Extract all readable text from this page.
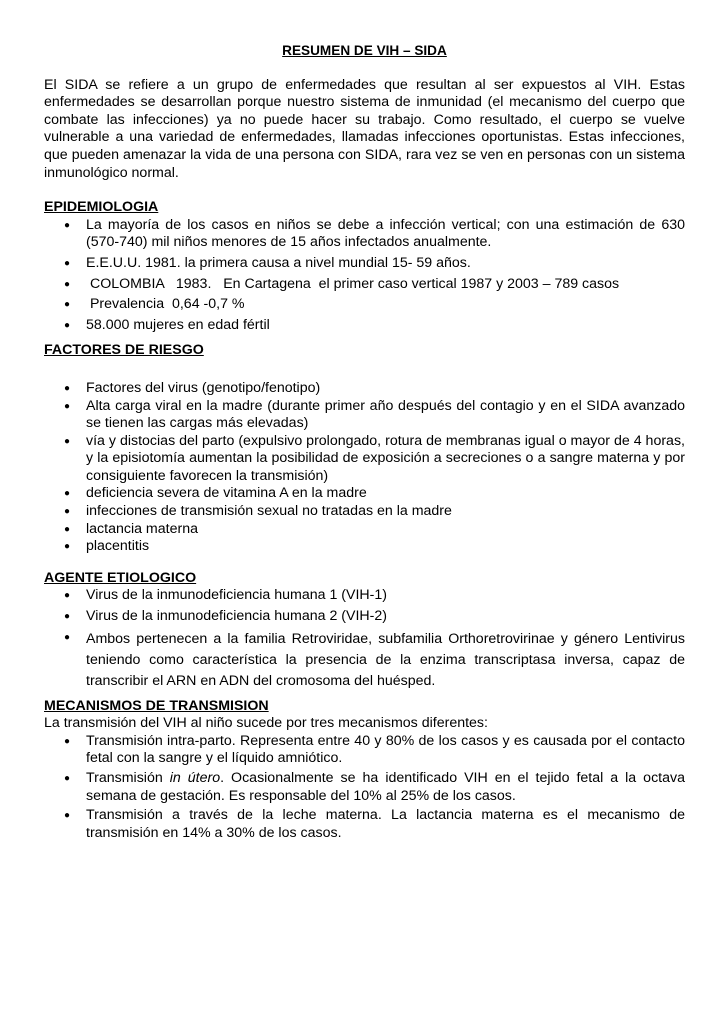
RESUMEN DE VIH – SIDA

El SIDA se refiere a un grupo de enfermedades que resultan al ser expuestos al VIH. Estas enfermedades se desarrollan porque nuestro sistema de inmunidad (el mecanismo del cuerpo que combate las infecciones) ya no puede hacer su trabajo. Como resultado, el cuerpo se vuelve vulnerable a una variedad de enfermedades, llamadas infecciones oportunistas. Estas infecciones, que pueden amenazar la vida de una persona con SIDA, rara vez se ven en personas con un sistema inmunológico normal.

EPIDEMIOLOGIA

● La mayoría de los casos en niños se debe a infección vertical; con una estimación de 630 (570-740) mil niños menores de 15 años infectados anualmente.
● E.E.U.U. 1981. la primera causa a nivel mundial 15- 59 años.
●  COLOMBIA   1983.   En Cartagena  el primer caso vertical 1987 y 2003 – 789 casos
●  Prevalencia  0,64 -0,7 %
● 58.000 mujeres en edad fértil

FACTORES DE RIESGO

● Factores del virus (genotipo/fenotipo)
● Alta carga viral en la madre (durante primer año después del contagio y en el SIDA avanzado se tienen las cargas más elevadas)
● vía y distocias del parto (expulsivo prolongado, rotura de membranas igual o mayor de 4 horas, y la episiotomía aumentan la posibilidad de exposición a secreciones o a sangre materna y por consiguiente favorecen la transmisión)
● deficiencia severa de vitamina A en la madre
● infecciones de transmisión sexual no tratadas en la madre
● lactancia materna
● placentitis

AGENTE ETIOLOGICO

● Virus de la inmunodeficiencia humana 1 (VIH-1)
● Virus de la inmunodeficiencia humana 2 (VIH-2)
● Ambos pertenecen a la familia Retroviridae, subfamilia Orthoretrovirinae y género Lentivirus teniendo como característica la presencia de la enzima transcriptasa inversa, capaz de transcribir el ARN en ADN del cromosoma del huésped.

MECANISMOS DE TRANSMISION

La transmisión del VIH al niño sucede por tres mecanismos diferentes:

● Transmisión intra-parto. Representa entre 40 y 80% de los casos y es causada por el contacto fetal con la sangre y el líquido amniótico.
● Transmisión in útero. Ocasionalmente se ha identificado VIH en el tejido fetal a la octava semana de gestación. Es responsable del 10% al 25% de los casos.
● Transmisión a través de la leche materna. La lactancia materna es el mecanismo de transmisión en 14% a 30% de los casos.
